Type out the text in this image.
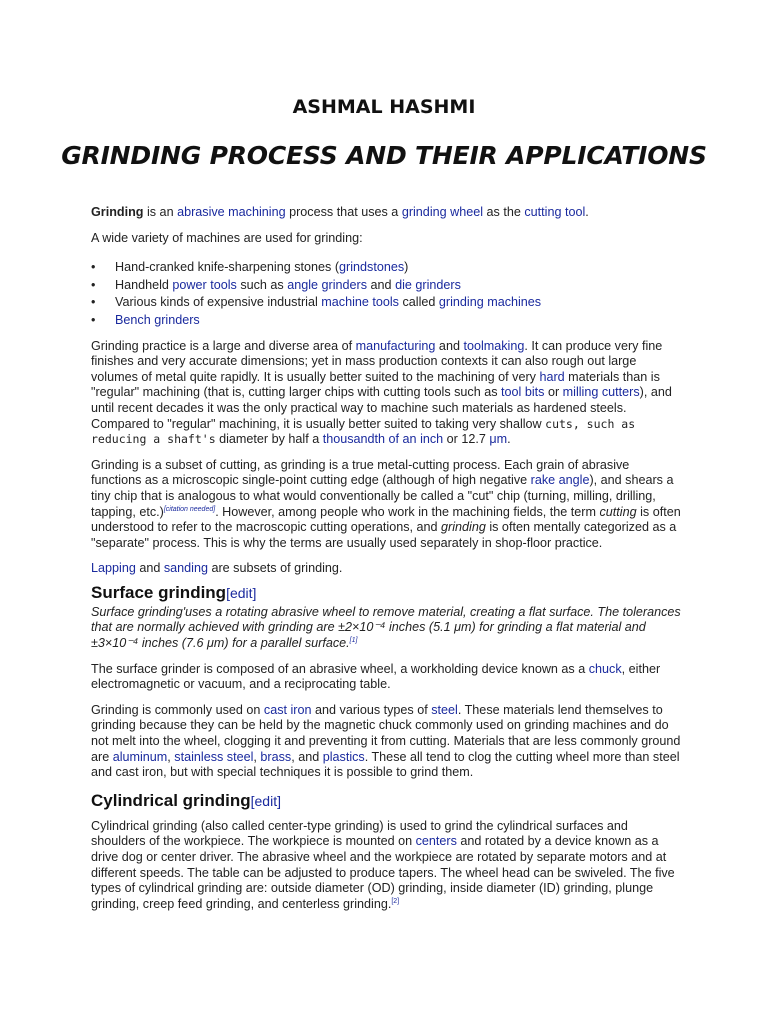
ASHMAL HASHMI
GRINDING PROCESS AND THEIR APPLICATIONS

Grinding is an abrasive machining process that uses a grinding wheel as the cutting tool.

A wide variety of machines are used for grinding:

• Hand-cranked knife-sharpening stones (grindstones)
• Handheld power tools such as angle grinders and die grinders
• Various kinds of expensive industrial machine tools called grinding machines
• Bench grinders

Grinding practice is a large and diverse area of manufacturing and toolmaking. It can produce very fine finishes and very accurate dimensions; yet in mass production contexts it can also rough out large volumes of metal quite rapidly. It is usually better suited to the machining of very hard materials than is "regular" machining (that is, cutting larger chips with cutting tools such as tool bits or milling cutters), and until recent decades it was the only practical way to machine such materials as hardened steels. Compared to "regular" machining, it is usually better suited to taking very shallow cuts, such as reducing a shaft's diameter by half a thousandth of an inch or 12.7 μm.

Grinding is a subset of cutting, as grinding is a true metal-cutting process. Each grain of abrasive functions as a microscopic single-point cutting edge (although of high negative rake angle), and shears a tiny chip that is analogous to what would conventionally be called a "cut" chip (turning, milling, drilling, tapping, etc.)[citation needed]. However, among people who work in the machining fields, the term cutting is often understood to refer to the macroscopic cutting operations, and grinding is often mentally categorized as a "separate" process. This is why the terms are usually used separately in shop-floor practice.

Lapping and sanding are subsets of grinding.

Surface grinding[edit]

Surface grinding'uses a rotating abrasive wheel to remove material, creating a flat surface. The tolerances that are normally achieved with grinding are ±2×10⁻⁴ inches (5.1 μm) for grinding a flat material and ±3×10⁻⁴ inches (7.6 μm) for a parallel surface.[1]

The surface grinder is composed of an abrasive wheel, a workholding device known as a chuck, either electromagnetic or vacuum, and a reciprocating table.

Grinding is commonly used on cast iron and various types of steel. These materials lend themselves to grinding because they can be held by the magnetic chuck commonly used on grinding machines and do not melt into the wheel, clogging it and preventing it from cutting. Materials that are less commonly ground are aluminum, stainless steel, brass, and plastics. These all tend to clog the cutting wheel more than steel and cast iron, but with special techniques it is possible to grind them.

Cylindrical grinding[edit]

Cylindrical grinding (also called center-type grinding) is used to grind the cylindrical surfaces and shoulders of the workpiece. The workpiece is mounted on centers and rotated by a device known as a drive dog or center driver. The abrasive wheel and the workpiece are rotated by separate motors and at different speeds. The table can be adjusted to produce tapers. The wheel head can be swiveled. The five types of cylindrical grinding are: outside diameter (OD) grinding, inside diameter (ID) grinding, plunge grinding, creep feed grinding, and centerless grinding.[2]
